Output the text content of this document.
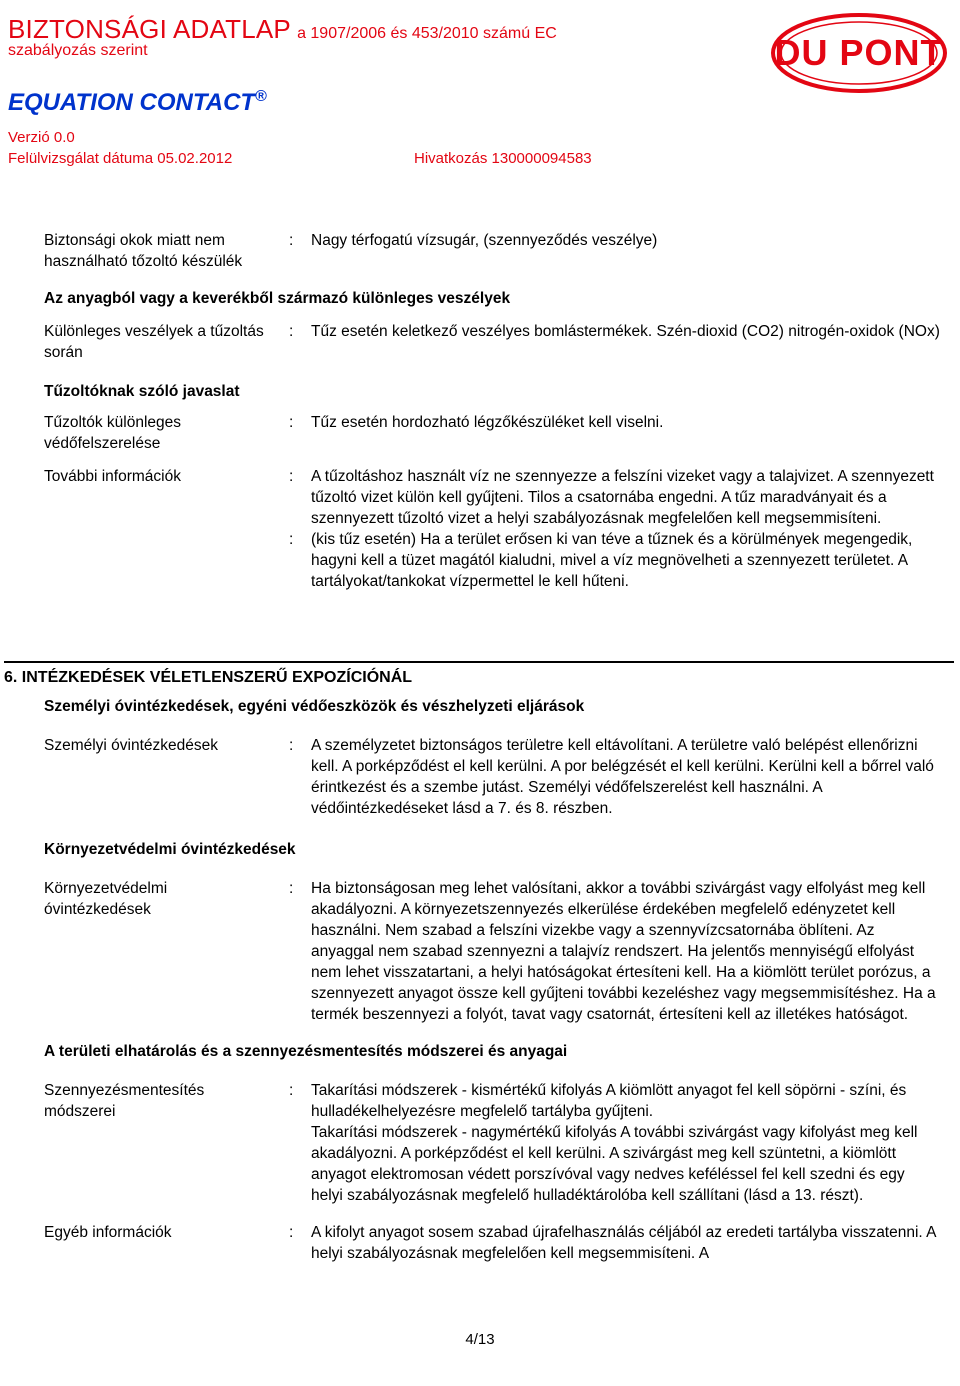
BIZTONSÁGI ADATLAP a 1907/2006 és 453/2010 számú EC
szabályozás szerint
EQUATION CONTACT®
Verzió 0.0
Felülvizsgálat dátuma 05.02.2012	Hivatkozás 130000094583
DU PONT
Biztonsági okok miatt nem használható tőzoltó készülék
:	Nagy térfogatú vízsugár, (szennyeződés veszélye)
Az anyagból vagy a keverékből származó különleges veszélyek
Különleges veszélyek a tűzoltás során
:	Tűz esetén keletkező veszélyes bomlástermékek. Szén-dioxid (CO2) nitrogén-oxidok (NOx)
Tűzoltóknak szóló javaslat
Tűzoltók különleges védőfelszerelése
:	Tűz esetén hordozható légzőkészüléket kell viselni.
További információk	:	A tűzoltáshoz használt víz ne szennyezze a felszíni vizeket vagy a talajvizet. A szennyezett tűzoltó vizet külön kell gyűjteni. Tilos a csatornába engedni. A tűz maradványait és a szennyezett tűzoltó vizet a helyi szabályozásnak megfelelően kell megsemmisíteni.
:	(kis tűz esetén) Ha a terület erősen ki van téve a tűznek és a körülmények megengedik, hagyni kell a tüzet magától kialudni, mivel a víz megnövelheti a szennyezett területet. A tartályokat/tankokat vízpermettel le kell hűteni.
6. INTÉZKEDÉSEK VÉLETLENSZERŰ EXPOZÍCIÓNÁL
Személyi óvintézkedések, egyéni védőeszközök és vészhelyzeti eljárások
Személyi óvintézkedések	:	A személyzetet biztonságos területre kell eltávolítani. A területre való belépést ellenőrizni kell. A porképződést el kell kerülni. A por belégzését el kell kerülni. Kerülni kell a bőrrel való érintkezést és a szembe jutást. Személyi védőfelszerelést kell használni. A védőintézkedéseket lásd a 7. és 8. részben.
Környezetvédelmi óvintézkedések
Környezetvédelmi óvintézkedések
:	Ha biztonságosan meg lehet valósítani, akkor a további szivárgást vagy elfolyást meg kell akadályozni. A környezetszennyezés elkerülése érdekében megfelelő edényzetet kell használni. Nem szabad a felszíni vizekbe vagy a szennyvízcsatornába öblíteni. Az anyaggal nem szabad szennyezni a talajvíz rendszert. Ha jelentős mennyiségű elfolyást nem lehet visszatartani, a helyi hatóságokat értesíteni kell. Ha a kiömlött terület porózus, a szennyezett anyagot össze kell gyűjteni további kezeléshez vagy megsemmisítéshez. Ha a termék beszennyezi a folyót, tavat vagy csatornát, értesíteni kell az illetékes hatóságot.
A területi elhatárolás és a szennyezésmentesítés módszerei és anyagai
Szennyezésmentesítés módszerei
:	Takarítási módszerek - kismértékű kifolyás A kiömlött anyagot fel kell söpörni - színi, és hulladékelhelyezésre megfelelő tartályba gyűjteni.
Takarítási módszerek - nagymértékű kifolyás A további szivárgást vagy kifolyást meg kell akadályozni. A porképződést el kell kerülni. A szivárgást meg kell szüntetni, a kiömlött anyagot elektromosan védett porszívóval vagy nedves keféléssel fel kell szedni és egy helyi szabályozásnak megfelelő hulladéktárolóba kell szállítani (lásd a 13. részt).
Egyéb információk	:	A kifolyt anyagot sosem szabad újrafelhasználás céljából az eredeti tartályba visszatenni. A helyi szabályozásnak megfelelően kell megsemmisíteni. A
4/13
